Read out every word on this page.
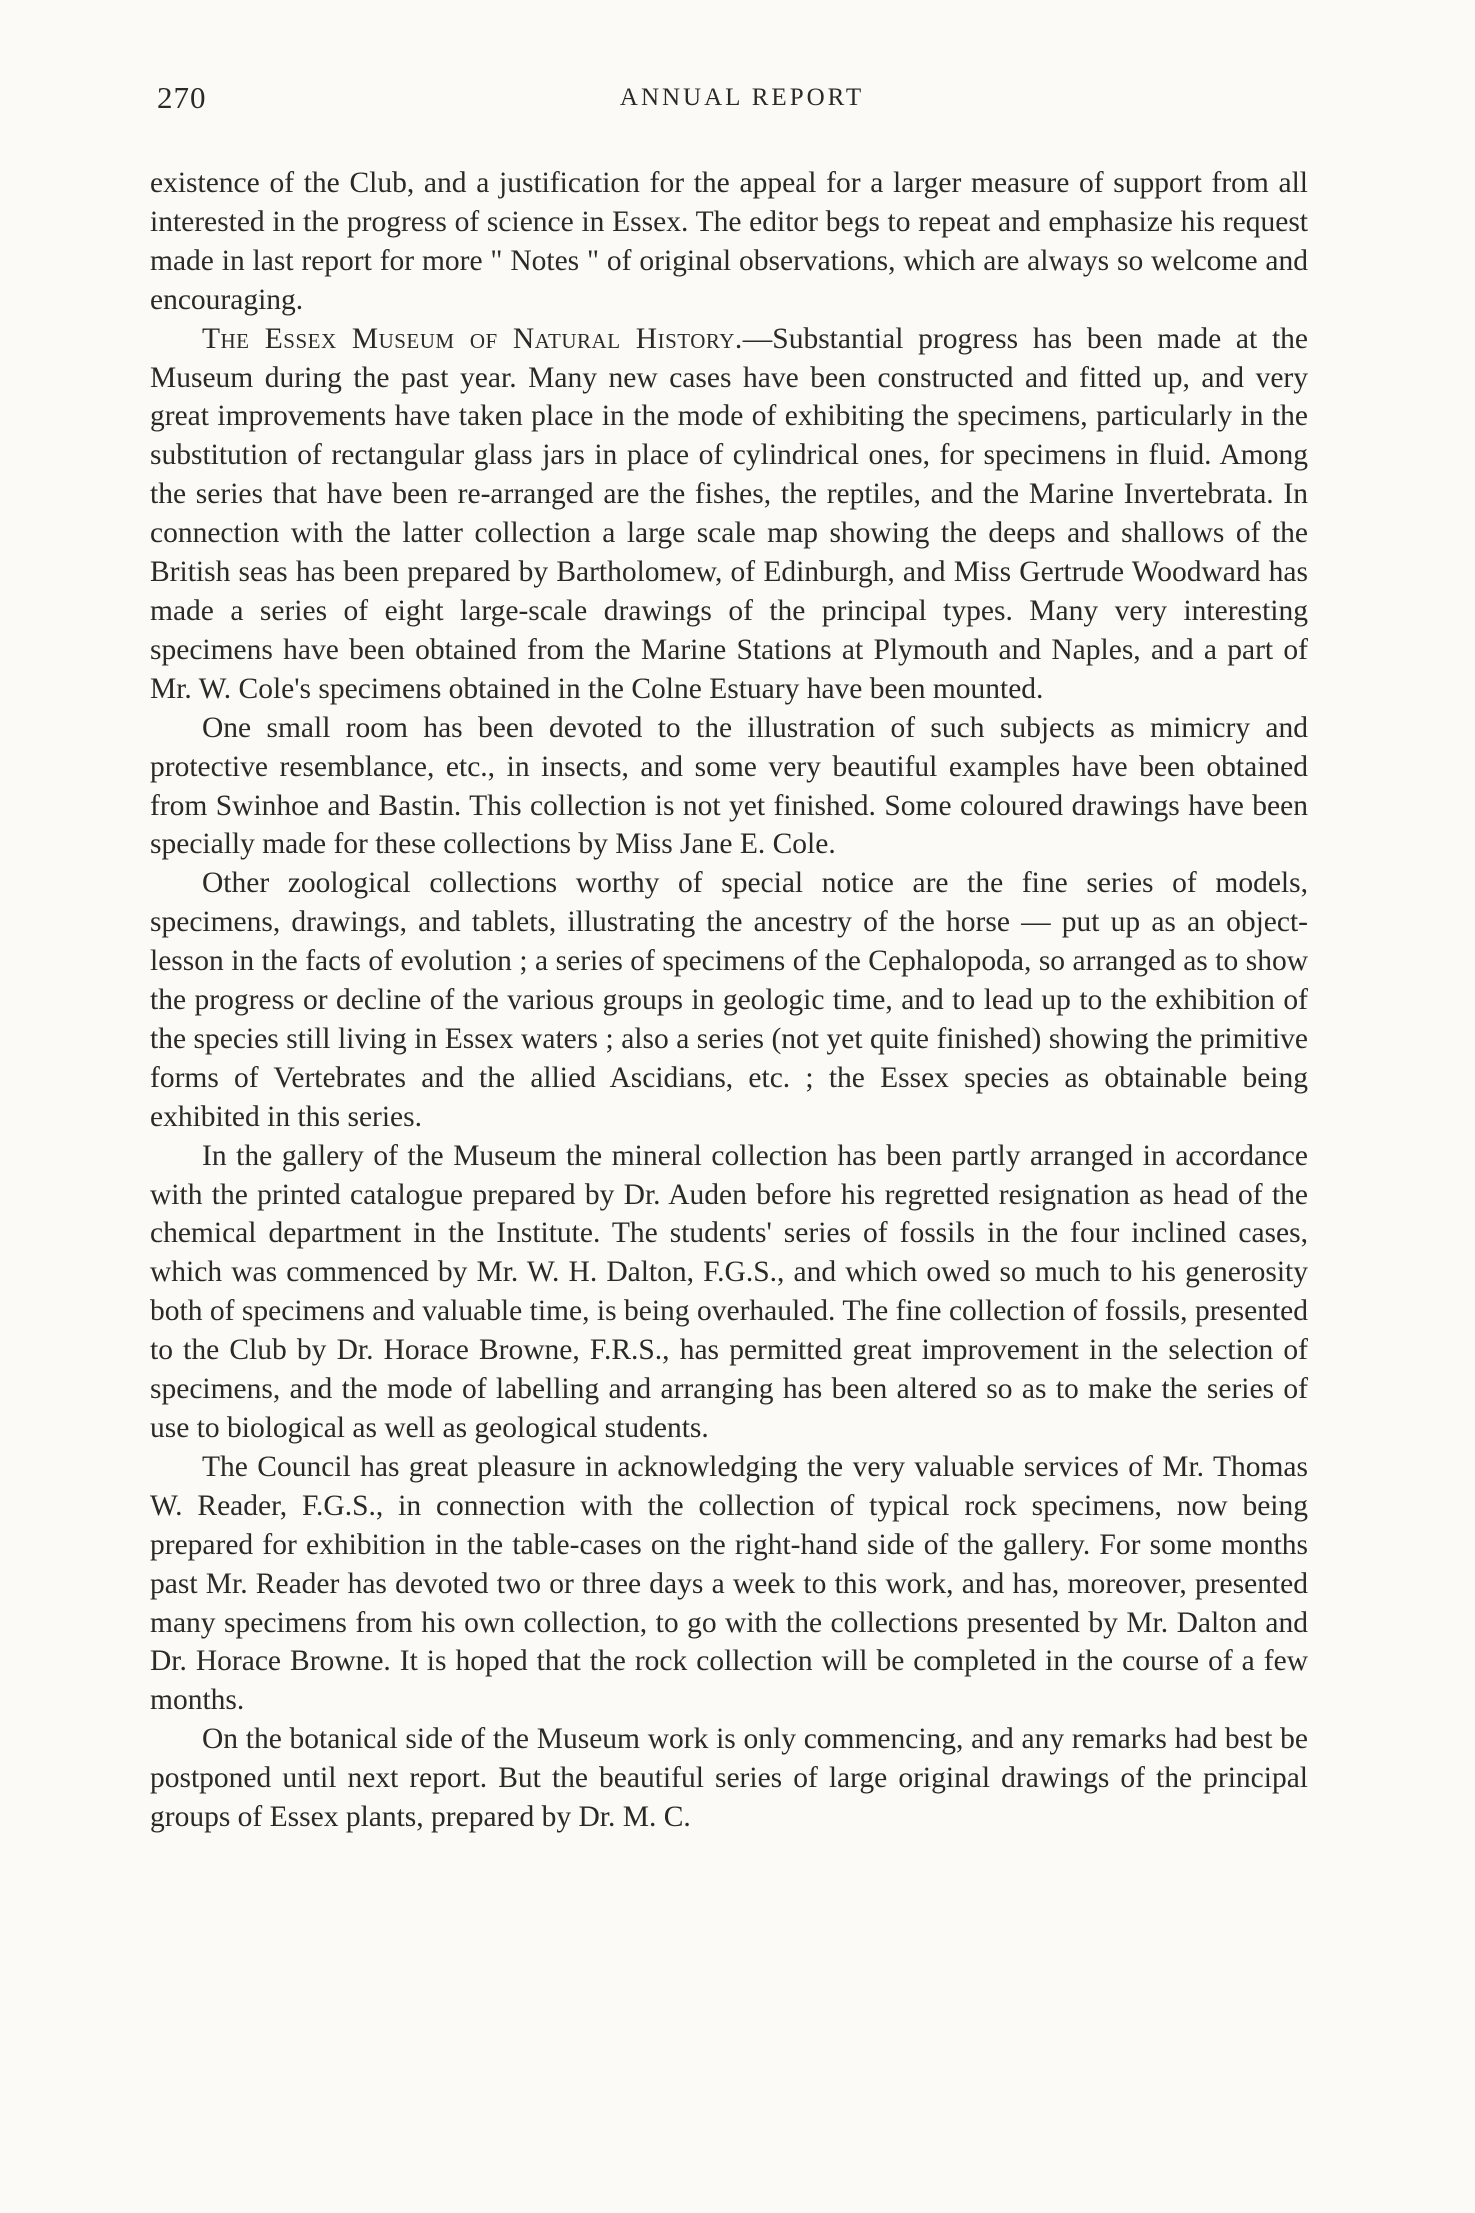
270	ANNUAL REPORT

existence of the Club, and a justification for the appeal for a larger measure of support from all interested in the progress of science in Essex. The editor begs to repeat and emphasize his request made in last report for more " Notes " of original observations, which are always so welcome and encouraging.

The Essex Museum of Natural History.—Substantial progress has been made at the Museum during the past year. Many new cases have been constructed and fitted up, and very great improvements have taken place in the mode of exhibiting the specimens, particularly in the substitution of rectangular glass jars in place of cylindrical ones, for specimens in fluid. Among the series that have been re-arranged are the fishes, the reptiles, and the Marine Invertebrata. In connection with the latter collection a large scale map showing the deeps and shallows of the British seas has been prepared by Bartholomew, of Edinburgh, and Miss Gertrude Woodward has made a series of eight large-scale drawings of the principal types. Many very interesting specimens have been obtained from the Marine Stations at Plymouth and Naples, and a part of Mr. W. Cole's specimens obtained in the Colne Estuary have been mounted.

One small room has been devoted to the illustration of such subjects as mimicry and protective resemblance, etc., in insects, and some very beautiful examples have been obtained from Swinhoe and Bastin. This collection is not yet finished. Some coloured drawings have been specially made for these collections by Miss Jane E. Cole.

Other zoological collections worthy of special notice are the fine series of models, specimens, drawings, and tablets, illustrating the ancestry of the horse — put up as an object-lesson in the facts of evolution ; a series of specimens of the Cephalopoda, so arranged as to show the progress or decline of the various groups in geologic time, and to lead up to the exhibition of the species still living in Essex waters ; also a series (not yet quite finished) showing the primitive forms of Vertebrates and the allied Ascidians, etc. ; the Essex species as obtainable being exhibited in this series.

In the gallery of the Museum the mineral collection has been partly arranged in accordance with the printed catalogue prepared by Dr. Auden before his regretted resignation as head of the chemical department in the Institute. The students' series of fossils in the four inclined cases, which was commenced by Mr. W. H. Dalton, F.G.S., and which owed so much to his generosity both of specimens and valuable time, is being overhauled. The fine collection of fossils, presented to the Club by Dr. Horace Browne, F.R.S., has permitted great improvement in the selection of specimens, and the mode of labelling and arranging has been altered so as to make the series of use to biological as well as geological students.

The Council has great pleasure in acknowledging the very valuable services of Mr. Thomas W. Reader, F.G.S., in connection with the collection of typical rock specimens, now being prepared for exhibition in the table-cases on the right-hand side of the gallery. For some months past Mr. Reader has devoted two or three days a week to this work, and has, moreover, presented many specimens from his own collection, to go with the collections presented by Mr. Dalton and Dr. Horace Browne. It is hoped that the rock collection will be completed in the course of a few months.

On the botanical side of the Museum work is only commencing, and any remarks had best be postponed until next report. But the beautiful series of large original drawings of the principal groups of Essex plants, prepared by Dr. M. C.
